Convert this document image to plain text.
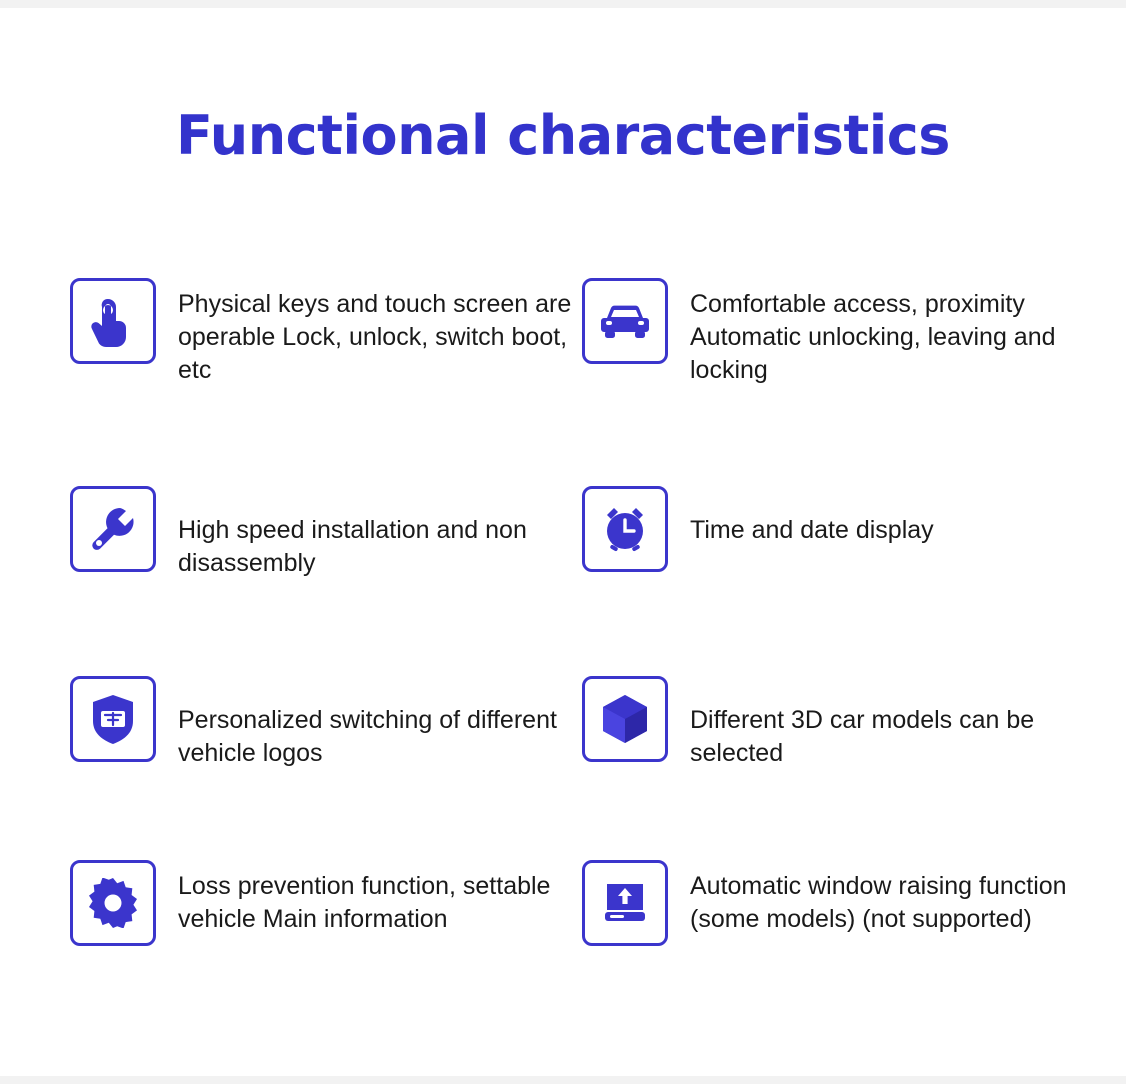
Functional characteristics
Physical keys and touch screen are operable Lock, unlock, switch boot, etc
Comfortable access, proximity Automatic unlocking, leaving and locking
High speed installation and non disassembly
Time and date display
Personalized switching of different vehicle logos
Different 3D car models can be selected
Loss prevention function, settable vehicle Main information
Automatic window raising function (some models) (not supported)
